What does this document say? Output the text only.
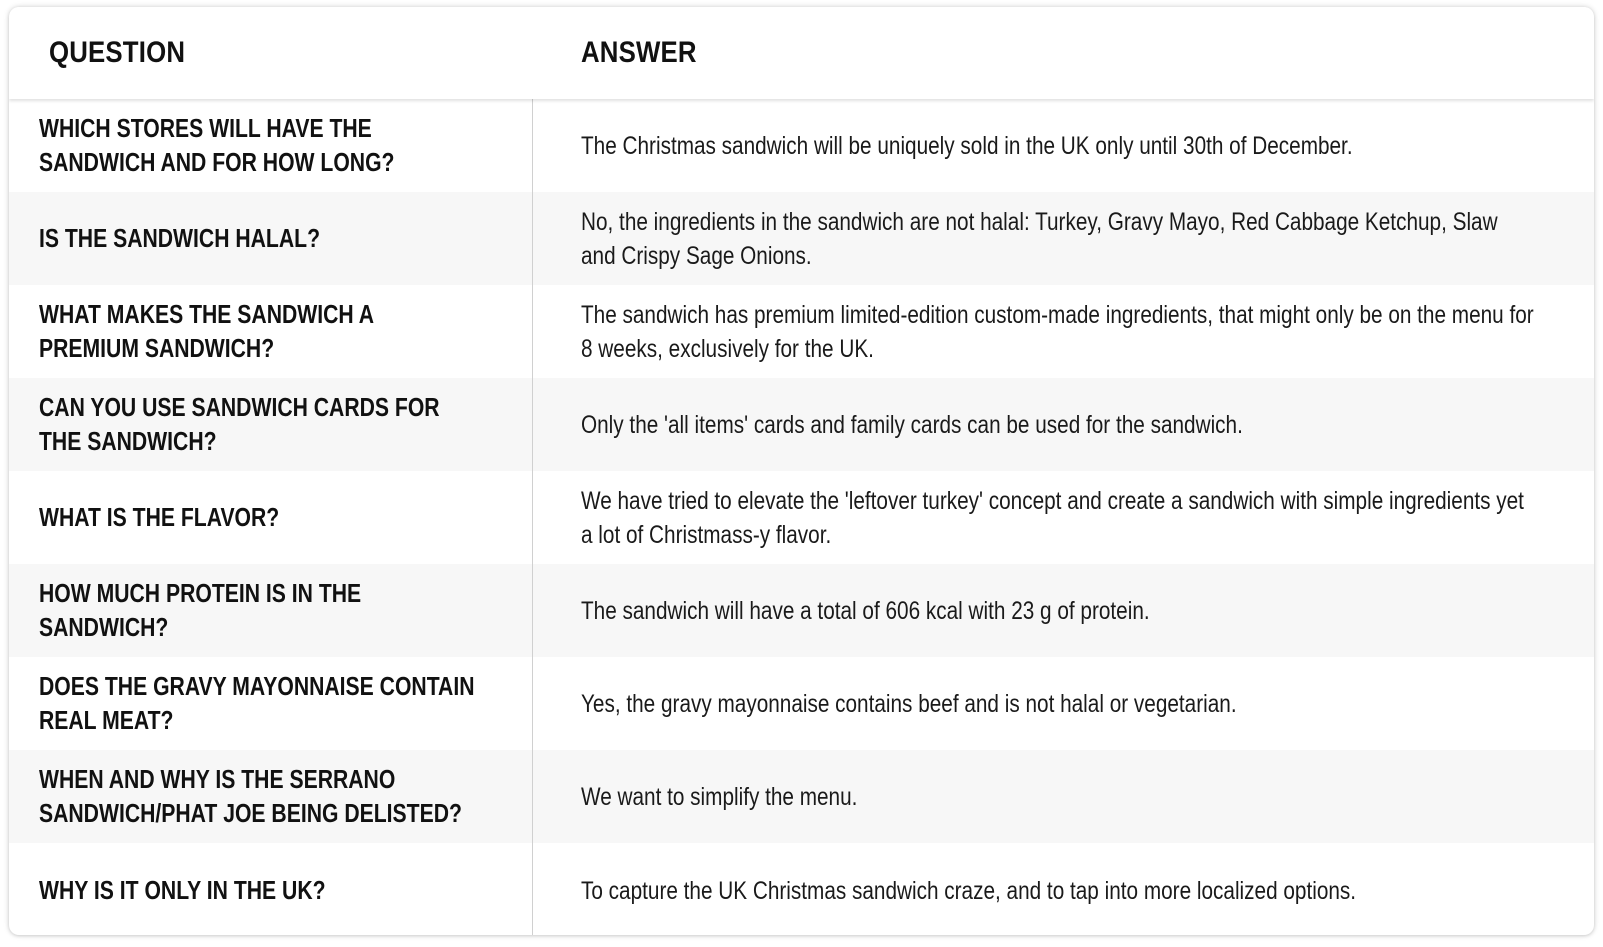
QUESTION	ANSWER
WHICH STORES WILL HAVE THE
SANDWICH AND FOR HOW LONG?
The Christmas sandwich will be uniquely sold in the UK only until 30th of December.
IS THE SANDWICH HALAL?
No, the ingredients in the sandwich are not halal: Turkey, Gravy Mayo, Red Cabbage Ketchup, Slaw and Crispy Sage Onions.
WHAT MAKES THE SANDWICH A
PREMIUM SANDWICH?
The sandwich has premium limited-edition custom-made ingredients, that might only be on the menu for 8 weeks, exclusively for the UK.
CAN YOU USE SANDWICH CARDS FOR
THE SANDWICH?
Only the 'all items' cards and family cards can be used for the sandwich.
WHAT IS THE FLAVOR?
We have tried to elevate the 'leftover turkey' concept and create a sandwich with simple ingredients yet a lot of Christmass-y flavor.
HOW MUCH PROTEIN IS IN THE
SANDWICH?
The sandwich will have a total of 606 kcal with 23 g of protein.
DOES THE GRAVY MAYONNAISE CONTAIN
REAL MEAT?
Yes, the gravy mayonnaise contains beef and is not halal or vegetarian.
WHEN AND WHY IS THE SERRANO
SANDWICH/PHAT JOE BEING DELISTED?
We want to simplify the menu.
WHY IS IT ONLY IN THE UK?	To capture the UK Christmas sandwich craze, and to tap into more localized options.
